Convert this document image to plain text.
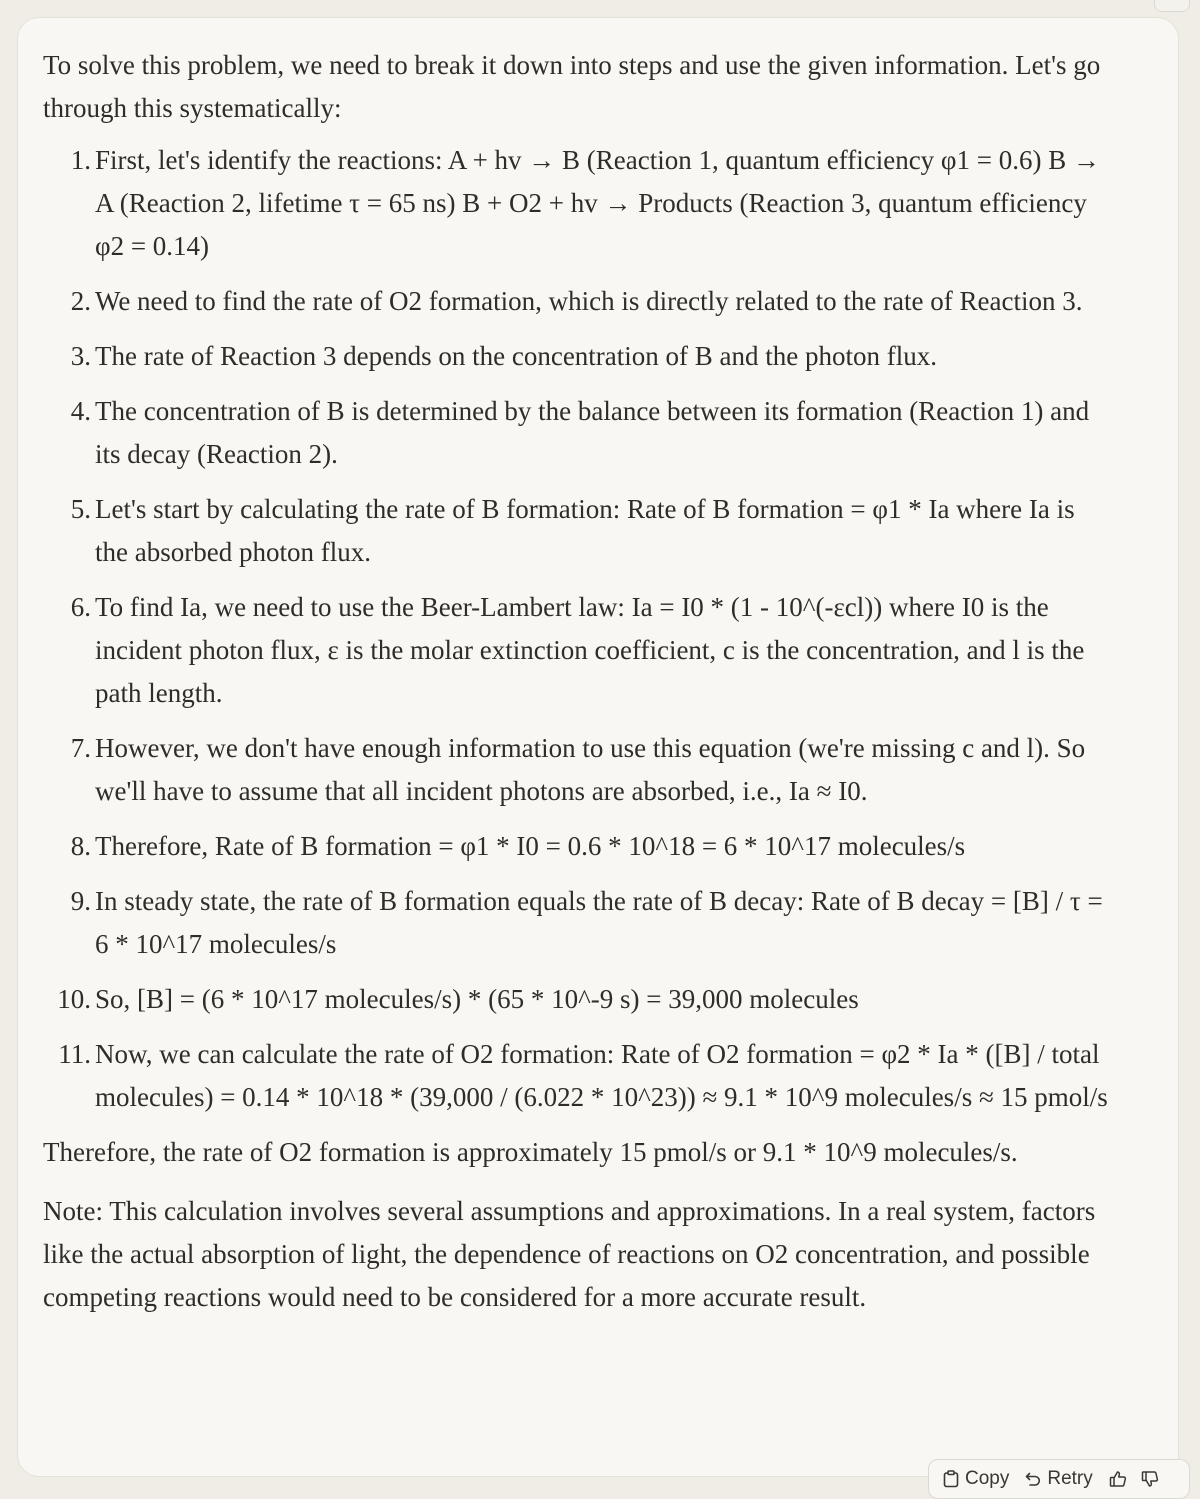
To solve this problem, we need to break it down into steps and use the given information. Let's go through this systematically:

1. First, let's identify the reactions: A + hv → B (Reaction 1, quantum efficiency φ1 = 0.6) B → A (Reaction 2, lifetime τ = 65 ns) B + O2 + hv → Products (Reaction 3, quantum efficiency φ2 = 0.14)
2. We need to find the rate of O2 formation, which is directly related to the rate of Reaction 3.
3. The rate of Reaction 3 depends on the concentration of B and the photon flux.
4. The concentration of B is determined by the balance between its formation (Reaction 1) and its decay (Reaction 2).
5. Let's start by calculating the rate of B formation: Rate of B formation = φ1 * Ia where Ia is the absorbed photon flux.
6. To find Ia, we need to use the Beer-Lambert law: Ia = I0 * (1 - 10^(-εcl)) where I0 is the incident photon flux, ε is the molar extinction coefficient, c is the concentration, and l is the path length.
7. However, we don't have enough information to use this equation (we're missing c and l). So we'll have to assume that all incident photons are absorbed, i.e., Ia ≈ I0.
8. Therefore, Rate of B formation = φ1 * I0 = 0.6 * 10^18 = 6 * 10^17 molecules/s
9. In steady state, the rate of B formation equals the rate of B decay: Rate of B decay = [B] / τ = 6 * 10^17 molecules/s
10. So, [B] = (6 * 10^17 molecules/s) * (65 * 10^-9 s) = 39,000 molecules
11. Now, we can calculate the rate of O2 formation: Rate of O2 formation = φ2 * Ia * ([B] / total molecules) = 0.14 * 10^18 * (39,000 / (6.022 * 10^23)) ≈ 9.1 * 10^9 molecules/s ≈ 15 pmol/s

Therefore, the rate of O2 formation is approximately 15 pmol/s or 9.1 * 10^9 molecules/s.

Note: This calculation involves several assumptions and approximations. In a real system, factors like the actual absorption of light, the dependence of reactions on O2 concentration, and possible competing reactions would need to be considered for a more accurate result.

Copy Retry
